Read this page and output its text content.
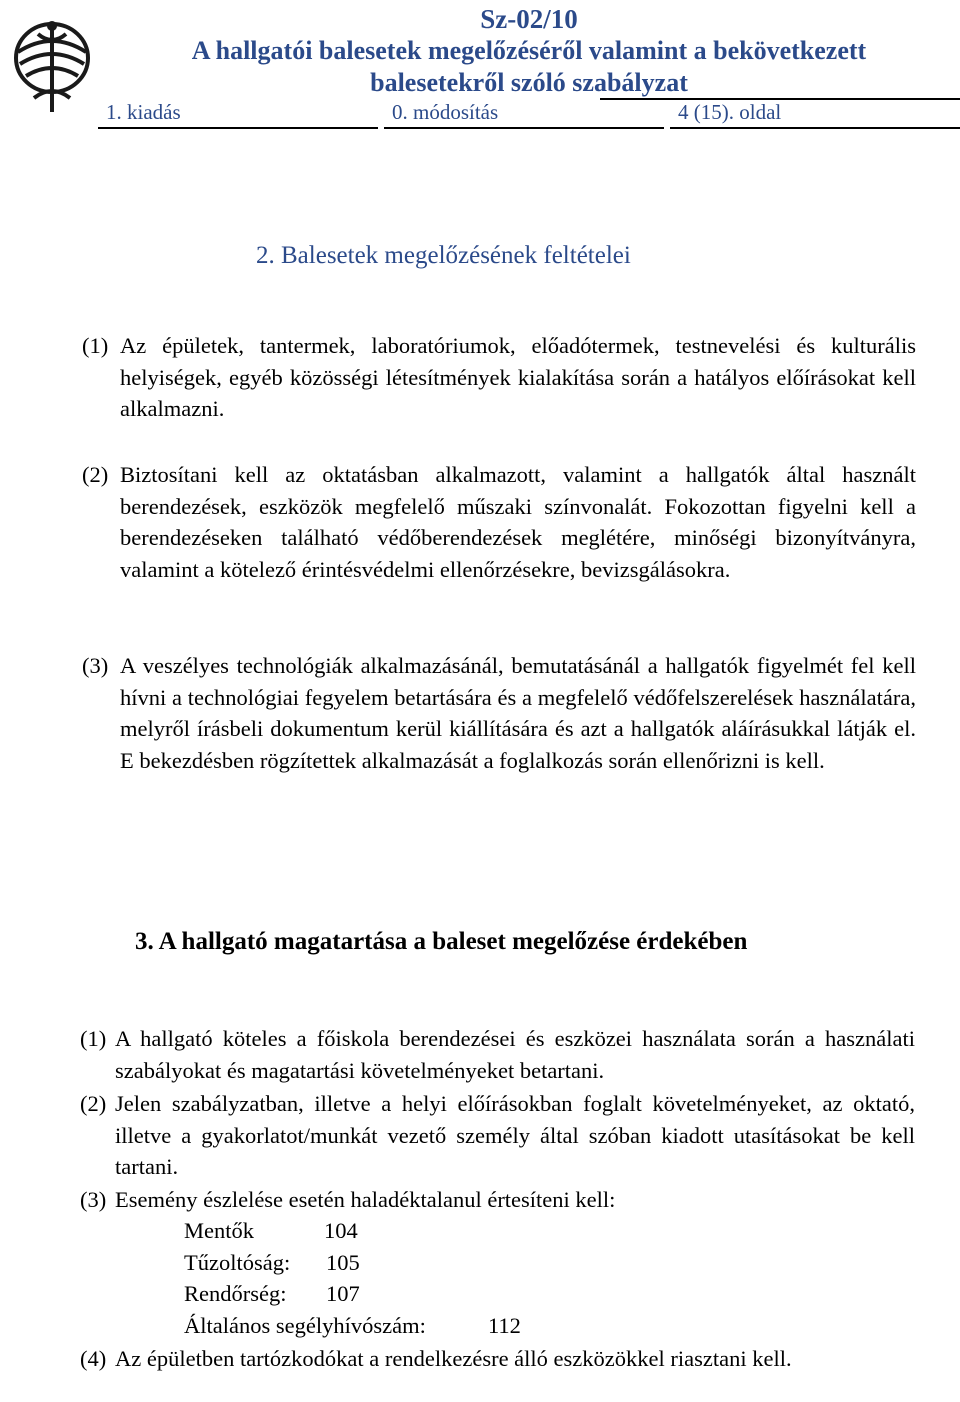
Sz-02/10
A hallgatói balesetek megelőzéséről valamint a bekövetkezett
balesetekről szóló szabályzat
1. kiadás	0. módosítás	4 (15). oldal
2. Balesetek megelőzésének feltételei
(1) Az épületek, tantermek, laboratóriumok, előadótermek, testnevelési és kulturális helyiségek, egyéb közösségi létesítmények kialakítása során a hatályos előírásokat kell alkalmazni.
(2) Biztosítani kell az oktatásban alkalmazott, valamint a hallgatók által használt berendezések, eszközök megfelelő műszaki színvonalát. Fokozottan figyelni kell a berendezéseken található védőberendezések meglétére, minőségi bizonyítványra, valamint a kötelező érintésvédelmi ellenőrzésekre, bevizsgálásokra.
(3) A veszélyes technológiák alkalmazásánál, bemutatásánál a hallgatók figyelmét fel kell hívni a technológiai fegyelem betartására és a megfelelő védőfelszerelések használatára, melyről írásbeli dokumentum kerül kiállítására és azt a hallgatók aláírásukkal látják el. E bekezdésben rögzítettek alkalmazását a foglalkozás során ellenőrizni is kell.
3. A hallgató magatartása a baleset megelőzése érdekében
(1) A hallgató köteles a főiskola berendezései és eszközei használata során a használati szabályokat és magatartási követelményeket betartani.
(2) Jelen szabályzatban, illetve a helyi előírásokban foglalt követelményeket, az oktató, illetve a gyakorlatot/munkát vezető személy által szóban kiadott utasításokat be kell tartani.
(3) Esemény észlelése esetén haladéktalanul értesíteni kell:
Mentők	104
Tűzoltóság: 105
Rendőrség: 107
Általános segélyhívószám:	112
(4) Az épületben tartózkodókat a rendelkezésre álló eszközökkel riasztani kell.
